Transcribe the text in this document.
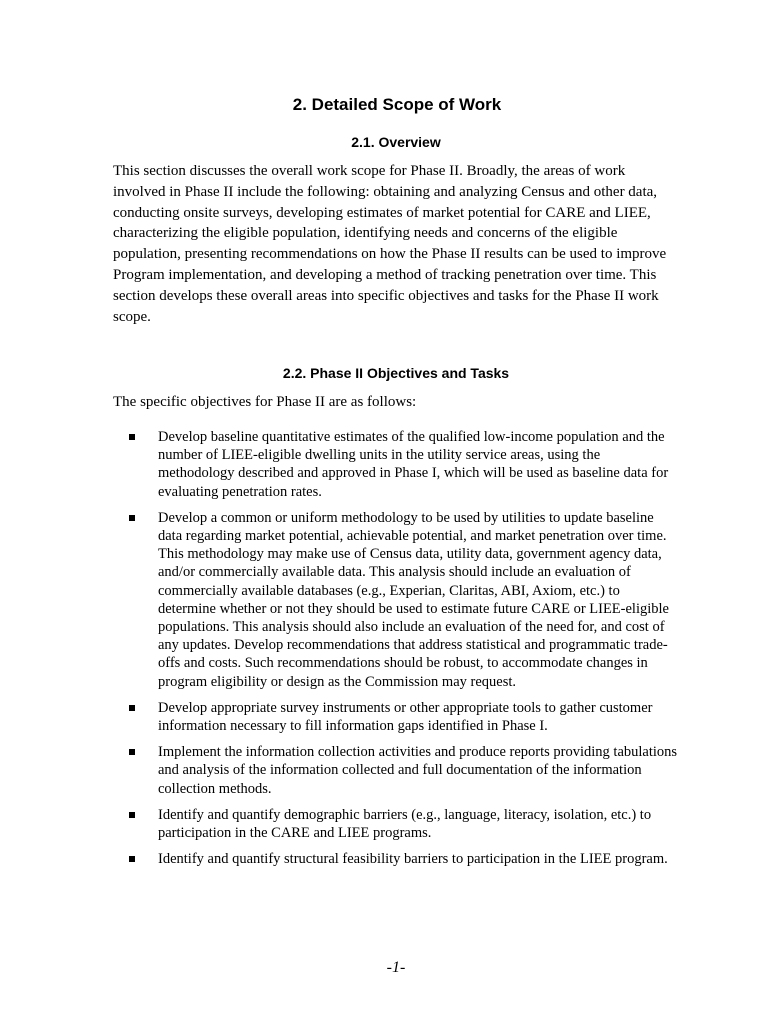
2. Detailed Scope of Work
2.1. Overview
This section discusses the overall work scope for Phase II. Broadly, the areas of work involved in Phase II include the following: obtaining and analyzing Census and other data, conducting onsite surveys, developing estimates of market potential for CARE and LIEE, characterizing the eligible population, identifying needs and concerns of the eligible population, presenting recommendations on how the Phase II results can be used to improve Program implementation, and developing a method of tracking penetration over time. This section develops these overall areas into specific objectives and tasks for the Phase II work scope.
2.2. Phase II Objectives and Tasks
The specific objectives for Phase II are as follows:
Develop baseline quantitative estimates of the qualified low-income population and the number of LIEE-eligible dwelling units in the utility service areas, using the methodology described and approved in Phase I, which will be used as baseline data for evaluating penetration rates.
Develop a common or uniform methodology to be used by utilities to update baseline data regarding market potential, achievable potential, and market penetration over time. This methodology may make use of Census data, utility data, government agency data, and/or commercially available data. This analysis should include an evaluation of commercially available databases (e.g., Experian, Claritas, ABI, Axiom, etc.) to determine whether or not they should be used to estimate future CARE or LIEE-eligible populations. This analysis should also include an evaluation of the need for, and cost of any updates. Develop recommendations that address statistical and programmatic trade-offs and costs. Such recommendations should be robust, to accommodate changes in program eligibility or design as the Commission may request.
Develop appropriate survey instruments or other appropriate tools to gather customer information necessary to fill information gaps identified in Phase I.
Implement the information collection activities and produce reports providing tabulations and analysis of the information collected and full documentation of the information collection methods.
Identify and quantify demographic barriers (e.g., language, literacy, isolation, etc.) to participation in the CARE and LIEE programs.
Identify and quantify structural feasibility barriers to participation in the LIEE program.
-1-
